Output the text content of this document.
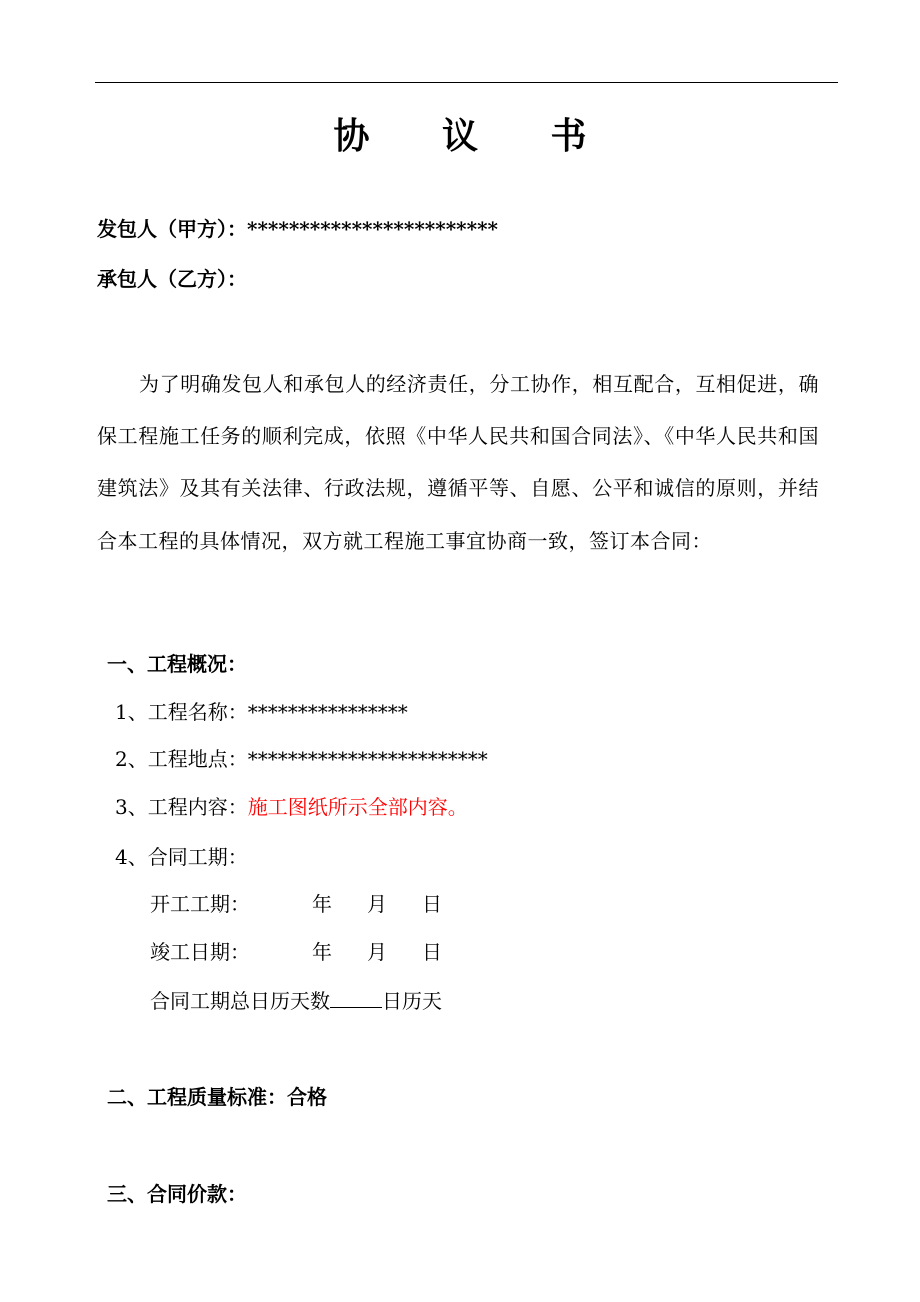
协 议 书
发包人（甲方）：************************
承包人（乙方）：
为了明确发包人和承包人的经济责任，分工协作，相互配合，互相促进，确保工程施工任务的顺利完成，依照《中华人民共和国合同法》、《中华人民共和国建筑法》及其有关法律、行政法规，遵循平等、自愿、公平和诚信的原则，并结合本工程的具体情况，双方就工程施工事宜协商一致，签订本合同：
一、工程概况：
1、工程名称：****************
2、工程地点：************************
3、工程内容：施工图纸所示全部内容。
4、合同工期：
开工工期：	年 月 日
竣工日期：	年 月 日
合同工期总日历天数	日历天
二、工程质量标准：合格
三、合同价款：
